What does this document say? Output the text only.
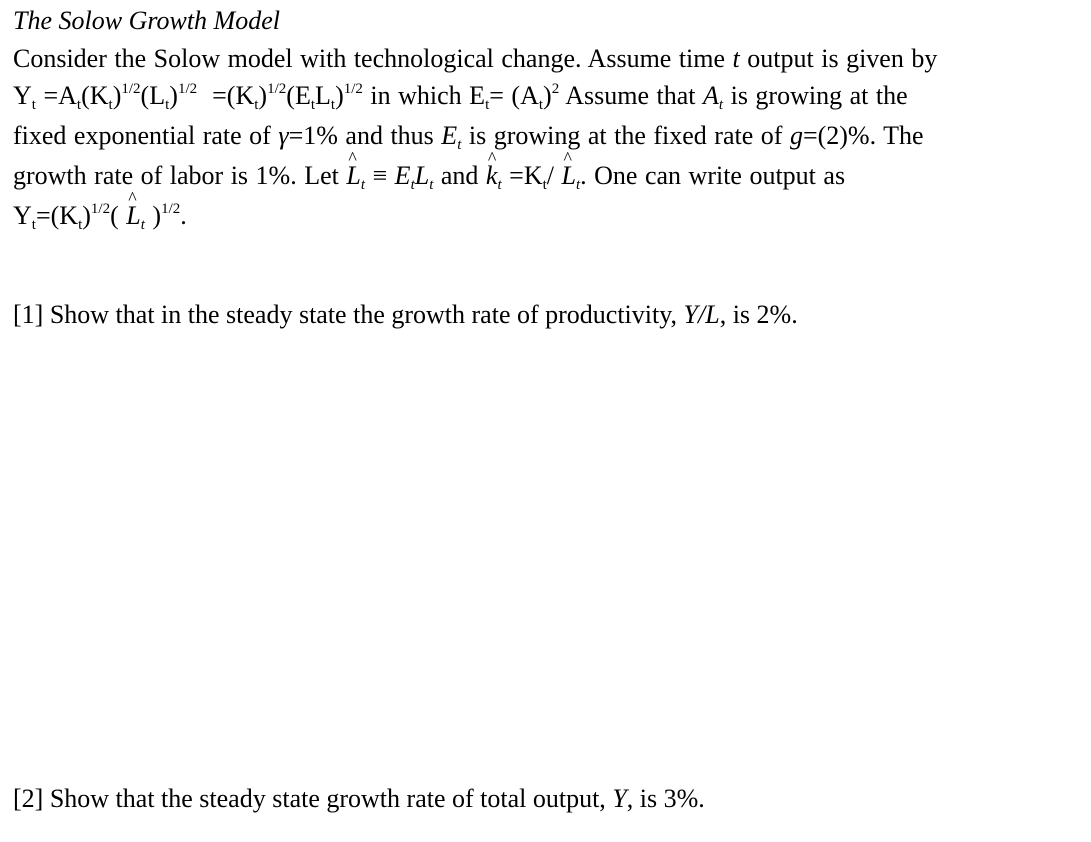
The Solow Growth Model
Consider the Solow model with technological change. Assume time t output is given by
$Y_t =A_t(K_t)^{1/2}(L_t)^{1/2} =(K_t)^{1/2}(E_tL_t)^{1/2}$ in which $E_t= (A_t)^2$ Assume that $A_t$ is growing at the
fixed exponential rate of γ=1% and thus $E_t$ is growing at the fixed rate of g=(2)%. The
growth rate of labor is 1%. Let ^ $L_t \equiv E_tL_t$ and ^ $k_t =K_t/$ ^ $L_t$. One can write output as
$Y_t=(K_t)^{1/2}$( ^ $L_t$ )$^{1/2}$.
[1] Show that in the steady state the growth rate of productivity, Y/L, is 2%.
[2] Show that the steady state growth rate of total output, Y, is 3%.
